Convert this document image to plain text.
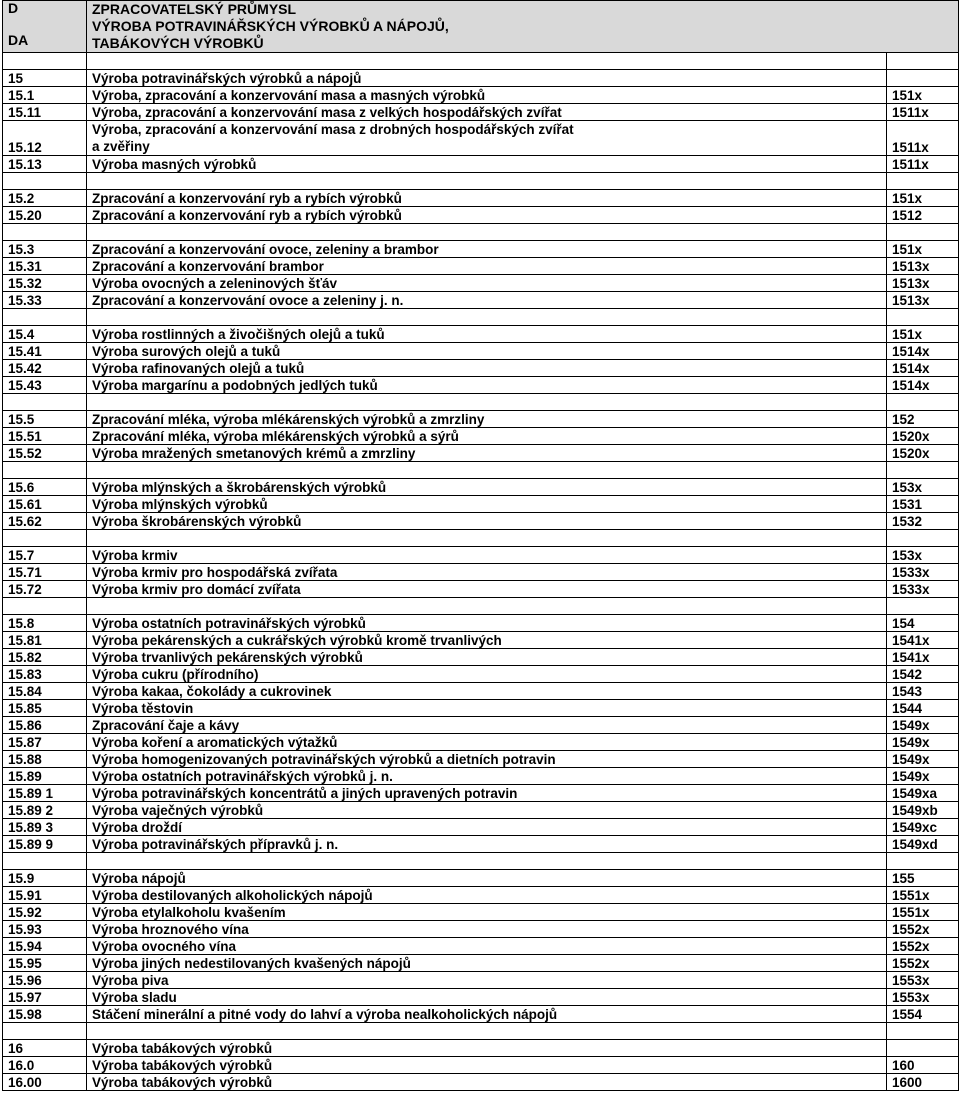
D
DA	ZPRACOVATELSKÝ PRŮMYSL
VÝROBA POTRAVINÁŘSKÝCH VÝROBKŮ A NÁPOJŮ,
TABÁKOVÝCH VÝROBKŮ	

15	Výroba potravinářských výrobků a nápojů	
15.1	Výroba, zpracování a konzervování masa a masných výrobků	151x
15.11	Výroba, zpracování a konzervování masa z velkých hospodářských zvířat	1511x
15.12	Výroba, zpracování a konzervování masa z drobných hospodářských zvířat
a zvěřiny	1511x
15.13	Výroba masných výrobků	1511x

15.2	Zpracování a konzervování ryb a rybích výrobků	151x
15.20	Zpracování a konzervování ryb a rybích výrobků	1512

15.3	Zpracování a konzervování ovoce, zeleniny a brambor	151x
15.31	Zpracování a konzervování brambor	1513x
15.32	Výroba ovocných a zeleninových šťáv	1513x
15.33	Zpracování a konzervování ovoce a zeleniny j. n.	1513x

15.4	Výroba rostlinných a živočišných olejů a tuků	151x
15.41	Výroba surových olejů a tuků	1514x
15.42	Výroba rafinovaných olejů a tuků	1514x
15.43	Výroba margarínu a podobných jedlých tuků	1514x

15.5	Zpracování mléka, výroba mlékárenských výrobků a zmrzliny	152
15.51	Zpracování mléka, výroba mlékárenských výrobků a sýrů	1520x
15.52	Výroba mražených smetanových krémů a zmrzliny	1520x

15.6	Výroba mlýnských a škrobárenských výrobků	153x
15.61	Výroba mlýnských výrobků	1531
15.62	Výroba škrobárenských výrobků	1532

15.7	Výroba krmiv	153x
15.71	Výroba krmiv pro hospodářská zvířata	1533x
15.72	Výroba krmiv pro domácí zvířata	1533x

15.8	Výroba ostatních potravinářských výrobků	154
15.81	Výroba pekárenských a cukrářských výrobků kromě trvanlivých	1541x
15.82	Výroba trvanlivých pekárenských výrobků	1541x
15.83	Výroba cukru (přírodního)	1542
15.84	Výroba kakaa, čokolády a cukrovinek	1543
15.85	Výroba těstovin	1544
15.86	Zpracování čaje a kávy	1549x
15.87	Výroba koření a aromatických výtažků	1549x
15.88	Výroba homogenizovaných potravinářských výrobků a dietních potravin	1549x
15.89	Výroba ostatních potravinářských výrobků j. n.	1549x
15.89 1	Výroba potravinářských koncentrátů a jiných upravených potravin	1549xa
15.89 2	Výroba vaječných výrobků	1549xb
15.89 3	Výroba droždí	1549xc
15.89 9	Výroba potravinářských přípravků j. n.	1549xd

15.9	Výroba nápojů	155
15.91	Výroba destilovaných alkoholických nápojů	1551x
15.92	Výroba etylalkoholu kvašením	1551x
15.93	Výroba hroznového vína	1552x
15.94	Výroba ovocného vína	1552x
15.95	Výroba jiných nedestilovaných kvašených nápojů	1552x
15.96	Výroba piva	1553x
15.97	Výroba sladu	1553x
15.98	Stáčení minerální a pitné vody do lahví a výroba nealkoholických nápojů	1554

16	Výroba tabákových výrobků	
16.0	Výroba tabákových výrobků	160
16.00	Výroba tabákových výrobků	1600
